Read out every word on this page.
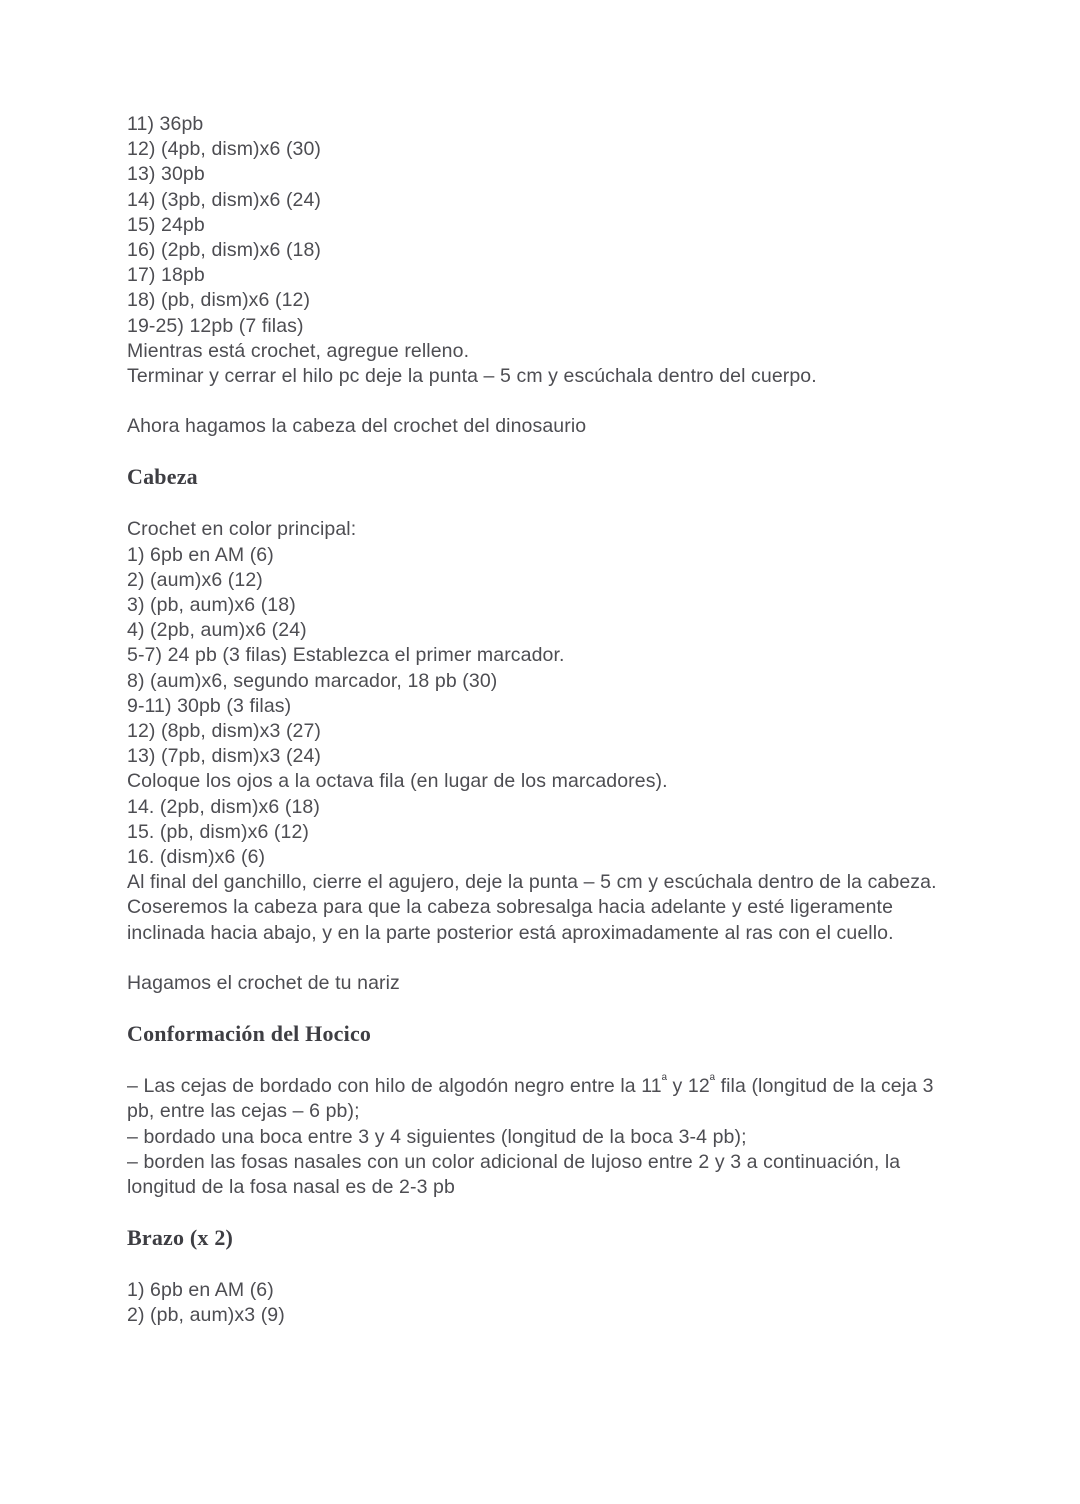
11) 36pb
12) (4pb, dism)x6 (30)
13) 30pb
14) (3pb, dism)x6 (24)
15) 24pb
16) (2pb, dism)x6 (18)
17) 18pb
18) (pb, dism)x6 (12)
19-25) 12pb (7 filas)
Mientras está crochet, agregue relleno.
Terminar y cerrar el hilo pc deje la punta – 5 cm y escúchala dentro del cuerpo.
Ahora hagamos la cabeza del crochet del dinosaurio
Cabeza
Crochet en color principal:
1) 6pb en AM (6)
2) (aum)x6 (12)
3) (pb, aum)x6 (18)
4) (2pb, aum)x6 (24)
5-7) 24 pb (3 filas) Establezca el primer marcador.
8) (aum)x6, segundo marcador, 18 pb (30)
9-11) 30pb (3 filas)
12) (8pb, dism)x3 (27)
13) (7pb, dism)x3 (24)
Coloque los ojos a la octava fila (en lugar de los marcadores).
14. (2pb, dism)x6 (18)
15. (pb, dism)x6 (12)
16. (dism)x6 (6)

Al final del ganchillo, cierre el agujero, deje la punta – 5 cm y escúchala dentro de la cabeza.

Coseremos la cabeza para que la cabeza sobresalga hacia adelante y esté ligeramente inclinada hacia abajo, y en la parte posterior está aproximadamente al ras con el cuello.

Hagamos el crochet de tu nariz
Conformación del Hocico

– Las cejas de bordado con hilo de algodón negro entre la $11^ª$ y $12^ª$ fila (longitud de la ceja 3 pb, entre las cejas – 6 pb);

– bordado una boca entre 3 y 4 siguientes (longitud de la boca 3-4 pb);

– borden las fosas nasales con un color adicional de lujoso entre 2 y 3 a continuación, la longitud de la fosa nasal es de 2-3 pb

Brazo (x 2)
1) 6pb en AM (6)
2) (pb, aum)x3 (9)
